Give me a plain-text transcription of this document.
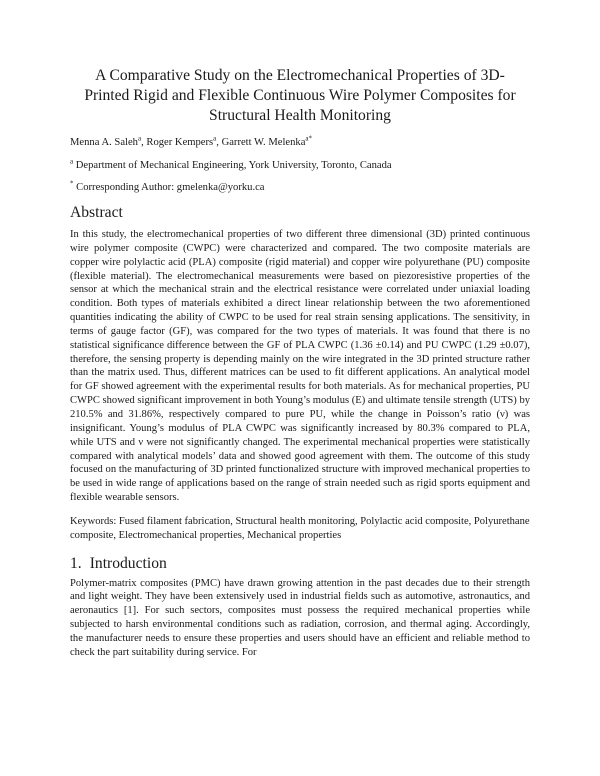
A Comparative Study on the Electromechanical Properties of 3D-Printed Rigid and Flexible Continuous Wire Polymer Composites for Structural Health Monitoring

Menna A. Saleh$^a$, Roger Kempers$^a$, Garrett W. Melenka$^{a*}$

$^a$ Department of Mechanical Engineering, York University, Toronto, Canada

* Corresponding Author: gmelenka@yorku.ca

Abstract

In this study, the electromechanical properties of two different three dimensional (3D) printed continuous wire polymer composite (CWPC) were characterized and compared. The two composite materials are copper wire polylactic acid (PLA) composite (rigid material) and copper wire polyurethane (PU) composite (flexible material). The electromechanical measurements were based on piezoresistive properties of the sensor at which the mechanical strain and the electrical resistance were correlated under uniaxial loading condition. Both types of materials exhibited a direct linear relationship between the two aforementioned quantities indicating the ability of CWPC to be used for real strain sensing applications. The sensitivity, in terms of gauge factor (GF), was compared for the two types of materials. It was found that there is no statistical significance difference between the GF of PLA CWPC (1.36 ±0.14) and PU CWPC (1.29 ±0.07), therefore, the sensing property is depending mainly on the wire integrated in the 3D printed structure rather than the matrix used. Thus, different matrices can be used to fit different applications. An analytical model for GF showed agreement with the experimental results for both materials. As for mechanical properties, PU CWPC showed significant improvement in both Young’s modulus (E) and ultimate tensile strength (UTS) by 210.5% and 31.86%, respectively compared to pure PU, while the change in Poisson’s ratio (ν) was insignificant. Young’s modulus of PLA CWPC was significantly increased by 80.3% compared to PLA, while UTS and ν were not significantly changed. The experimental mechanical properties were statistically compared with analytical models’ data and showed good agreement with them. The outcome of this study focused on the manufacturing of 3D printed functionalized structure with improved mechanical properties to be used in wide range of applications based on the range of strain needed such as rigid sports equipment and flexible wearable sensors.

Keywords: Fused filament fabrication, Structural health monitoring, Polylactic acid composite, Polyurethane composite, Electromechanical properties, Mechanical properties

1. Introduction

Polymer-matrix composites (PMC) have drawn growing attention in the past decades due to their strength and light weight. They have been extensively used in industrial fields such as automotive, astronautics, and aeronautics [1]. For such sectors, composites must possess the required mechanical properties while subjected to harsh environmental conditions such as radiation, corrosion, and thermal aging. Accordingly, the manufacturer needs to ensure these properties and users should have an efficient and reliable method to check the part suitability during service. For
